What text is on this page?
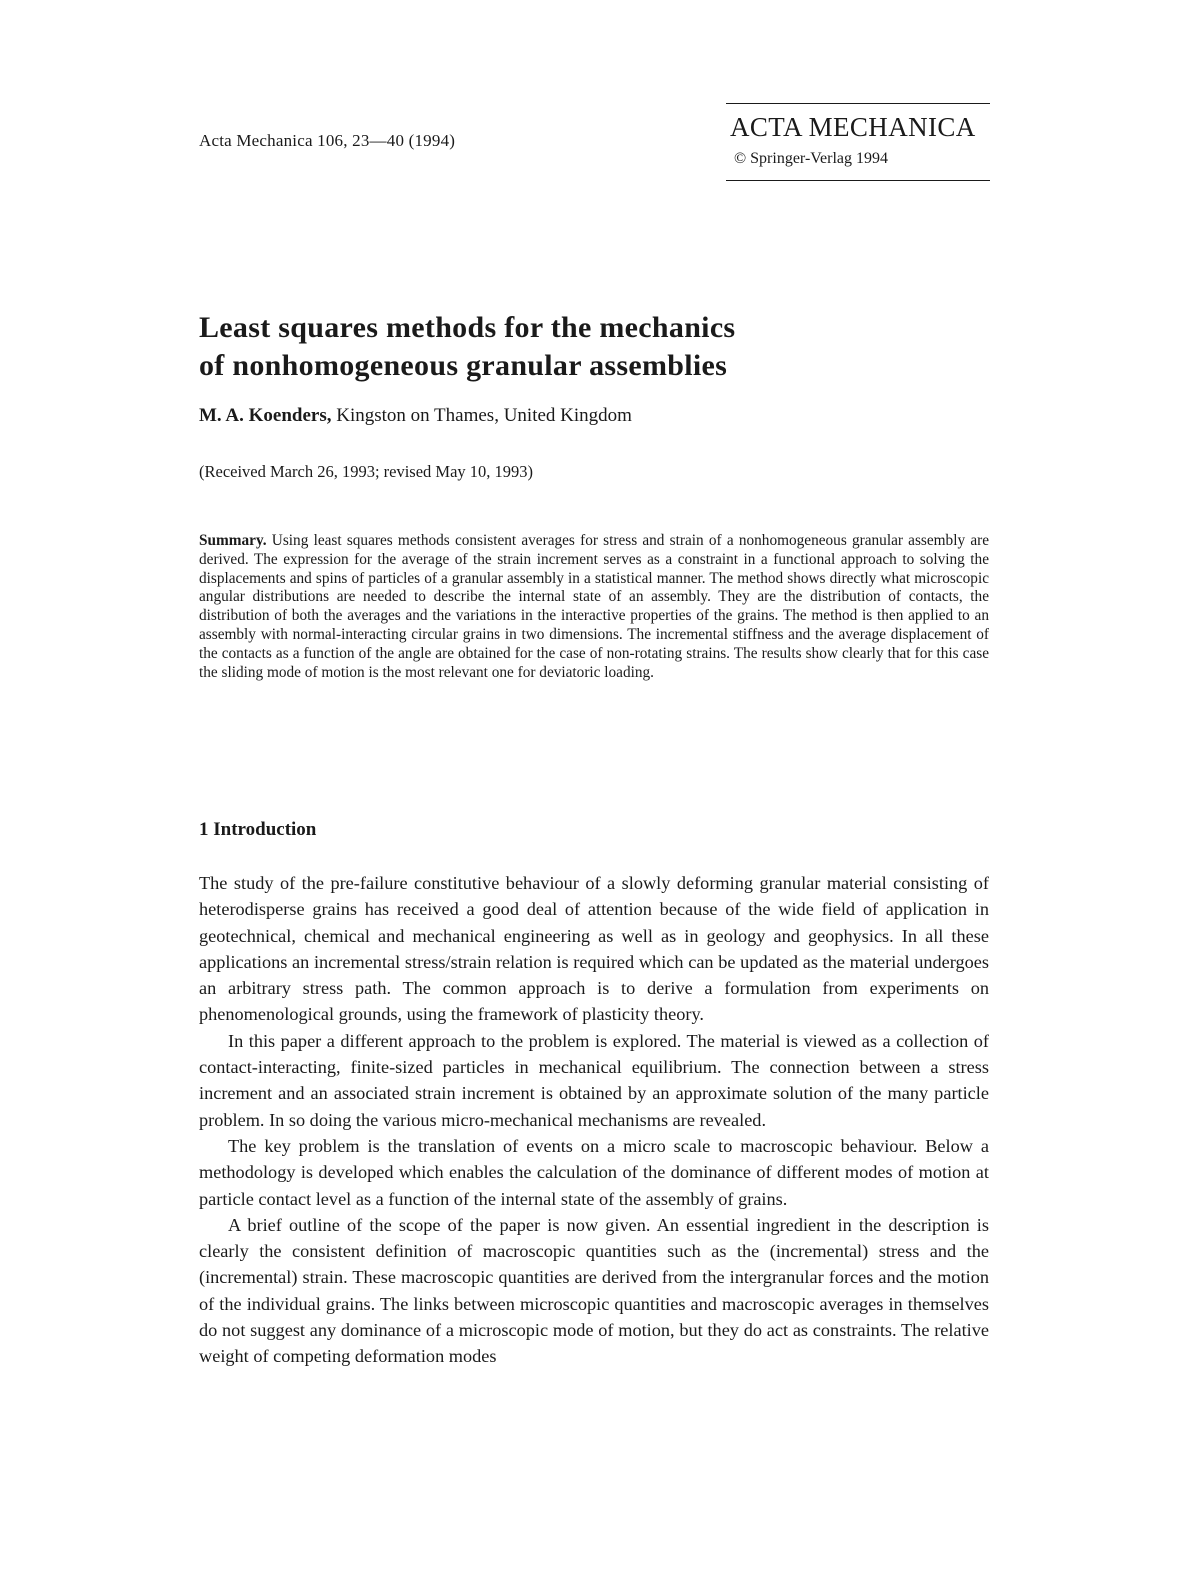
Acta Mechanica 106, 23—40 (1994)	ACTA MECHANICA
© Springer-Verlag 1994
Least squares methods for the mechanics
of nonhomogeneous granular assemblies
M. A. Koenders, Kingston on Thames, United Kingdom
(Received March 26, 1993; revised May 10, 1993)
Summary. Using least squares methods consistent averages for stress and strain of a nonhomogeneous granular assembly are derived. The expression for the average of the strain increment serves as a constraint in a functional approach to solving the displacements and spins of particles of a granular assembly in a statistical manner. The method shows directly what microscopic angular distributions are needed to describe the internal state of an assembly. They are the distribution of contacts, the distribution of both the averages and the variations in the interactive properties of the grains. The method is then applied to an assembly with normal-interacting circular grains in two dimensions. The incremental stiffness and the average displacement of the contacts as a function of the angle are obtained for the case of non-rotating strains. The results show clearly that for this case the sliding mode of motion is the most relevant one for deviatoric loading.
1 Introduction

The study of the pre-failure constitutive behaviour of a slowly deforming granular material consisting of heterodisperse grains has received a good deal of attention because of the wide field of application in geotechnical, chemical and mechanical engineering as well as in geology and geophysics. In all these applications an incremental stress/strain relation is required which can be updated as the material undergoes an arbitrary stress path. The common approach is to derive a formulation from experiments on phenomenological grounds, using the framework of plasticity theory.

In this paper a different approach to the problem is explored. The material is viewed as a collection of contact-interacting, finite-sized particles in mechanical equilibrium. The connection between a stress increment and an associated strain increment is obtained by an approximate solution of the many particle problem. In so doing the various micro-mechanical mechanisms are revealed.

The key problem is the translation of events on a micro scale to macroscopic behaviour. Below a methodology is developed which enables the calculation of the dominance of different modes of motion at particle contact level as a function of the internal state of the assembly of grains.

A brief outline of the scope of the paper is now given. An essential ingredient in the description is clearly the consistent definition of macroscopic quantities such as the (incremental) stress and the (incremental) strain. These macroscopic quantities are derived from the intergranular forces and the motion of the individual grains. The links between microscopic quantities and macroscopic averages in themselves do not suggest any dominance of a microscopic mode of motion, but they do act as constraints. The relative weight of competing deformation modes
